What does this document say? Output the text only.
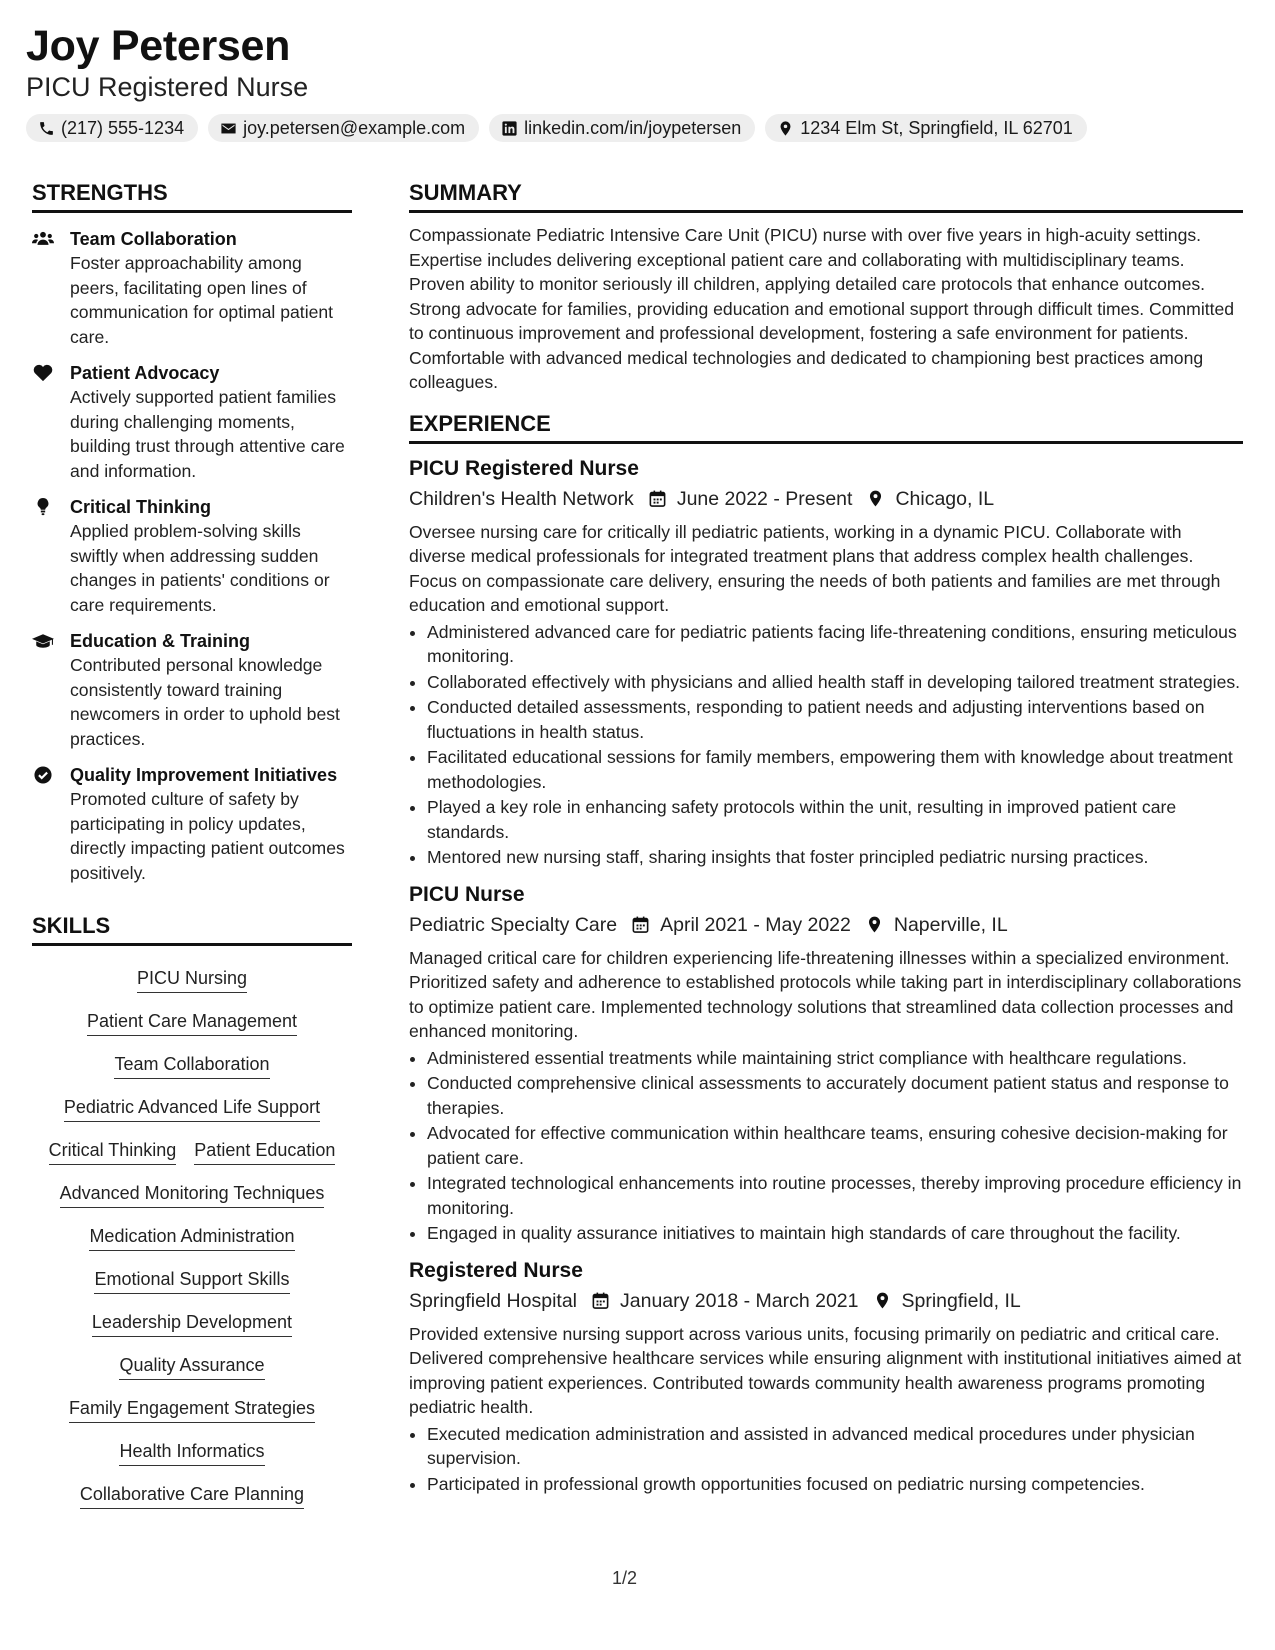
Joy Petersen
PICU Registered Nurse
(217) 555-1234	joy.petersen@example.com	linkedin.com/in/joypetersen	1234 Elm St, Springfield, IL 62701
STRENGTHS
Team Collaboration
Foster approachability among peers, facilitating open lines of communication for optimal patient care.
Patient Advocacy
Actively supported patient families during challenging moments, building trust through attentive care and information.
Critical Thinking
Applied problem-solving skills swiftly when addressing sudden changes in patients' conditions or care requirements.
Education & Training
Contributed personal knowledge consistently toward training newcomers in order to uphold best practices.
Quality Improvement Initiatives
Promoted culture of safety by participating in policy updates, directly impacting patient outcomes positively.
SKILLS
PICU Nursing
Patient Care Management
Team Collaboration
Pediatric Advanced Life Support
Critical Thinking Patient Education
Advanced Monitoring Techniques
Medication Administration
Emotional Support Skills
Leadership Development
Quality Assurance
Family Engagement Strategies
Health Informatics
Collaborative Care Planning
SUMMARY

Compassionate Pediatric Intensive Care Unit (PICU) nurse with over five years in high-acuity settings. Expertise includes delivering exceptional patient care and collaborating with multidisciplinary teams. Proven ability to monitor seriously ill children, applying detailed care protocols that enhance outcomes. Strong advocate for families, providing education and emotional support through difficult times. Committed to continuous improvement and professional development, fostering a safe environment for patients. Comfortable with advanced medical technologies and dedicated to championing best practices among colleagues.

EXPERIENCE
PICU Registered Nurse
Children's Health Network June 2022 - Present Chicago, IL

Oversee nursing care for critically ill pediatric patients, working in a dynamic PICU. Collaborate with diverse medical professionals for integrated treatment plans that address complex health challenges. Focus on compassionate care delivery, ensuring the needs of both patients and families are met through education and emotional support.

• Administered advanced care for pediatric patients facing life-threatening conditions, ensuring meticulous monitoring.
• Collaborated effectively with physicians and allied health staff in developing tailored treatment strategies.
• Conducted detailed assessments, responding to patient needs and adjusting interventions based on fluctuations in health status.
• Facilitated educational sessions for family members, empowering them with knowledge about treatment methodologies.
• Played a key role in enhancing safety protocols within the unit, resulting in improved patient care standards.
• Mentored new nursing staff, sharing insights that foster principled pediatric nursing practices.
PICU Nurse
Pediatric Specialty Care April 2021 - May 2022 Naperville, IL

Managed critical care for children experiencing life-threatening illnesses within a specialized environment. Prioritized safety and adherence to established protocols while taking part in interdisciplinary collaborations to optimize patient care. Implemented technology solutions that streamlined data collection processes and enhanced monitoring.

• Administered essential treatments while maintaining strict compliance with healthcare regulations.
• Conducted comprehensive clinical assessments to accurately document patient status and response to therapies.
• Advocated for effective communication within healthcare teams, ensuring cohesive decision-making for patient care.
• Integrated technological enhancements into routine processes, thereby improving procedure efficiency in monitoring.
• Engaged in quality assurance initiatives to maintain high standards of care throughout the facility.
Registered Nurse
Springfield Hospital January 2018 - March 2021 Springfield, IL

Provided extensive nursing support across various units, focusing primarily on pediatric and critical care. Delivered comprehensive healthcare services while ensuring alignment with institutional initiatives aimed at improving patient experiences. Contributed towards community health awareness programs promoting pediatric health.

• Executed medication administration and assisted in advanced medical procedures under physician supervision.
• Participated in professional growth opportunities focused on pediatric nursing competencies.
1/2
